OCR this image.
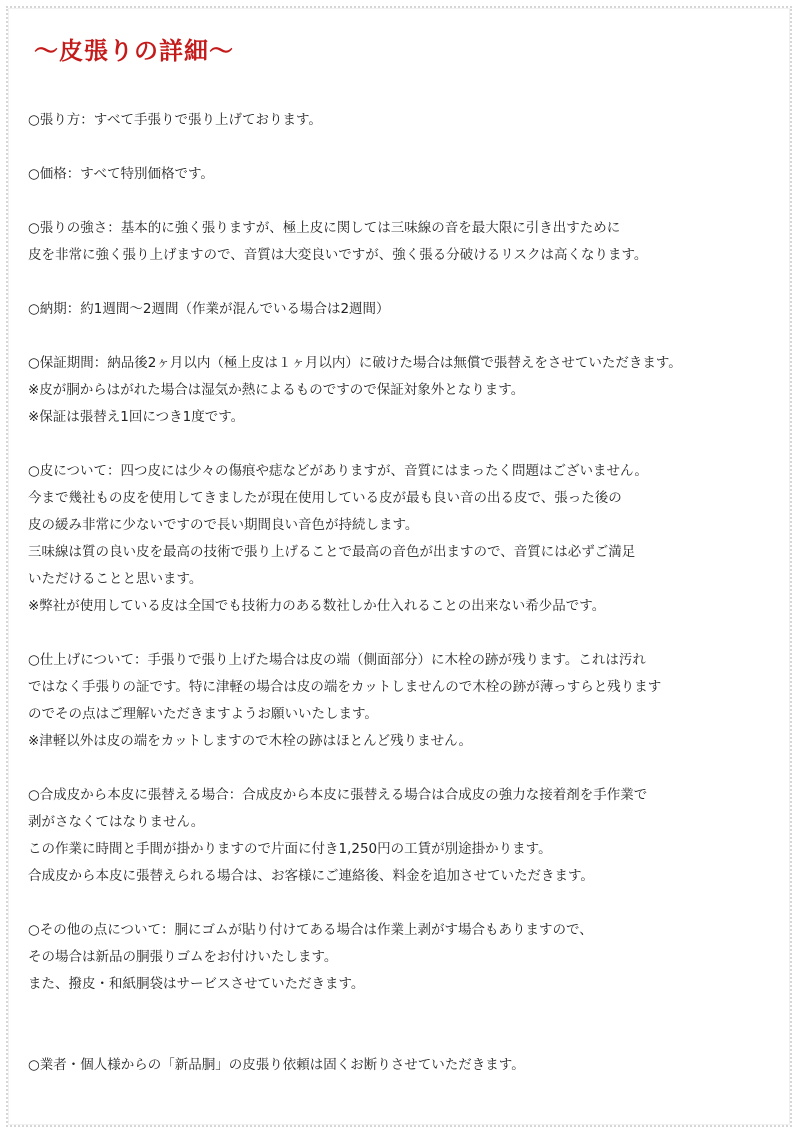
〜皮張りの詳細〜

○張り方：すべて手張りで張り上げております。

○価格：すべて特別価格です。

○張りの強さ：基本的に強く張りますが、極上皮に関しては三味線の音を最大限に引き出すために

皮を非常に強く張り上げますので、音質は大変良いですが、強く張る分破けるリスクは高くなります。

○納期：約1週間〜2週間（作業が混んでいる場合は2週間）

○保証期間：納品後2ヶ月以内（極上皮は１ヶ月以内）に破けた場合は無償で張替えをさせていただきます。

※皮が胴からはがれた場合は湿気か熱によるものですので保証対象外となります。

※保証は張替え1回につき1度です。

○皮について：四つ皮には少々の傷痕や痣などがありますが、音質にはまったく問題はございません。

今まで幾社もの皮を使用してきましたが現在使用している皮が最も良い音の出る皮で、張った後の

皮の緩み非常に少ないですので長い期間良い音色が持続します。

三味線は質の良い皮を最高の技術で張り上げることで最高の音色が出ますので、音質には必ずご満足

いただけることと思います。

※弊社が使用している皮は全国でも技術力のある数社しか仕入れることの出来ない希少品です。

○仕上げについて：手張りで張り上げた場合は皮の端（側面部分）に木栓の跡が残ります。これは汚れ

ではなく手張りの証です。特に津軽の場合は皮の端をカットしませんので木栓の跡が薄っすらと残ります

のでその点はご理解いただきますようお願いいたします。

※津軽以外は皮の端をカットしますので木栓の跡はほとんど残りません。

○合成皮から本皮に張替える場合：合成皮から本皮に張替える場合は合成皮の強力な接着剤を手作業で

剥がさなくてはなりません。

この作業に時間と手間が掛かりますので片面に付き1,250円の工賃が別途掛かります。

合成皮から本皮に張替えられる場合は、お客様にご連絡後、料金を追加させていただきます。

○その他の点について：胴にゴムが貼り付けてある場合は作業上剥がす場合もありますので、

その場合は新品の胴張りゴムをお付けいたします。

また、撥皮・和紙胴袋はサービスさせていただきます。

○業者・個人様からの「新品胴」の皮張り依頼は固くお断りさせていただきます。
